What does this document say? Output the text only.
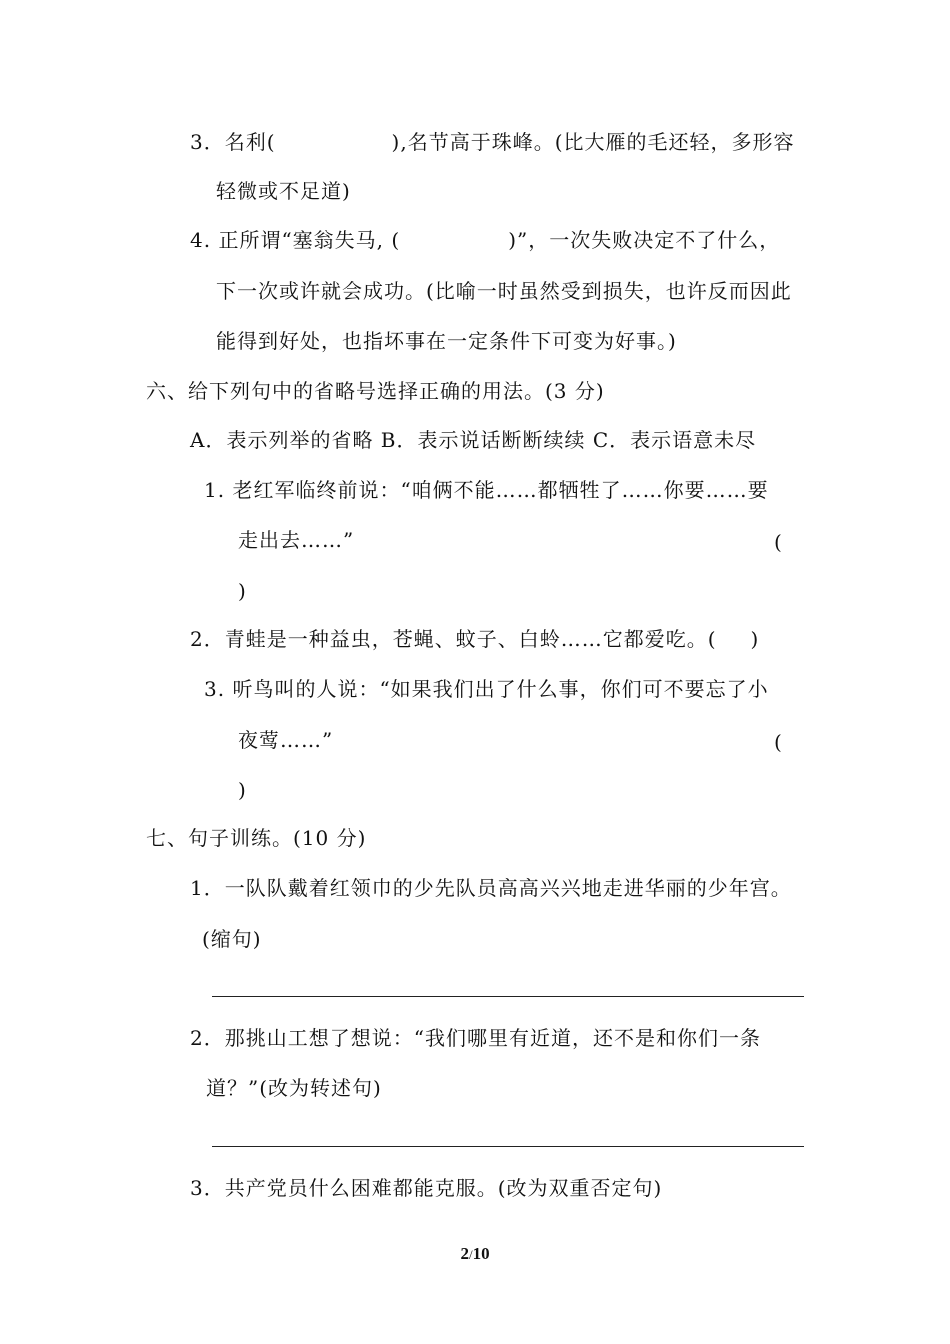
3．名利(	),名节高于珠峰。(比大雁的毛还轻，多形容
轻微或不足道)
4. 正所谓“塞翁失马, (	)”，一次失败决定不了什么，
下一次或许就会成功。(比喻一时虽然受到损失，也许反而因此
能得到好处，也指坏事在一定条件下可变为好事。)
六、给下列句中的省略号选择正确的用法。(3 分)
A．表示列举的省略 B．表示说话断断续续 C．表示语意未尽
1. 老红军临终前说：“咱俩不能……都牺牲了……你要……要
走出去……”	(
)
2．青蛙是一种益虫，苍蝇、蚊子、白蛉……它都爱吃。( )
3. 听鸟叫的人说：“如果我们出了什么事，你们可不要忘了小
夜莺……”	(
)
七、句子训练。(10 分)
1．一队队戴着红领巾的少先队员高高兴兴地走进华丽的少年宫。
(缩句)
2．那挑山工想了想说：“我们哪里有近道，还不是和你们一条
道？”(改为转述句)
3．共产党员什么困难都能克服。(改为双重否定句)
2/10
